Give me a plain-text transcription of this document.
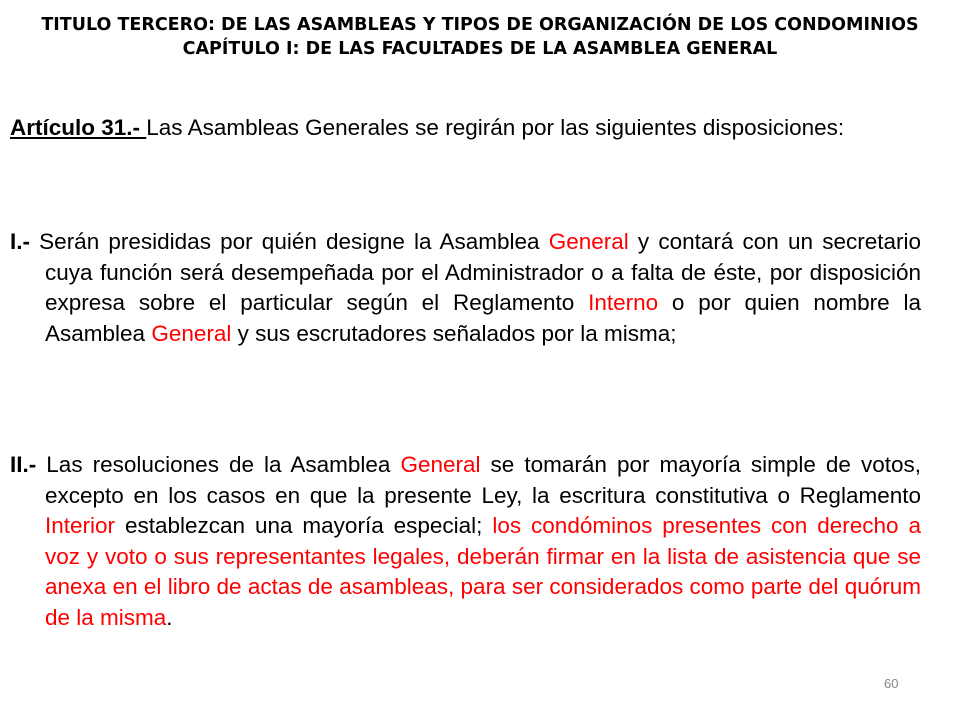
TITULO TERCERO: DE LAS ASAMBLEAS Y TIPOS DE ORGANIZACIÓN DE LOS CONDOMINIOS
CAPÍTULO I: DE LAS FACULTADES DE LA ASAMBLEA GENERAL

Artículo 31.- Las Asambleas Generales se regirán por las siguientes disposiciones:

I.- Serán presididas por quién designe la Asamblea General y contará con un secretario cuya función será desempeñada por el Administrador o a falta de éste, por disposición expresa sobre el particular según el Reglamento Interno o por quien nombre la Asamblea General y sus escrutadores señalados por la misma;

II.- Las resoluciones de la Asamblea General se tomarán por mayoría simple de votos, excepto en los casos en que la presente Ley, la escritura constitutiva o Reglamento Interior establezcan una mayoría especial; los condóminos presentes con derecho a voz y voto o sus representantes legales, deberán firmar en la lista de asistencia que se anexa en el libro de actas de asambleas, para ser considerados como parte del quórum de la misma.

60
